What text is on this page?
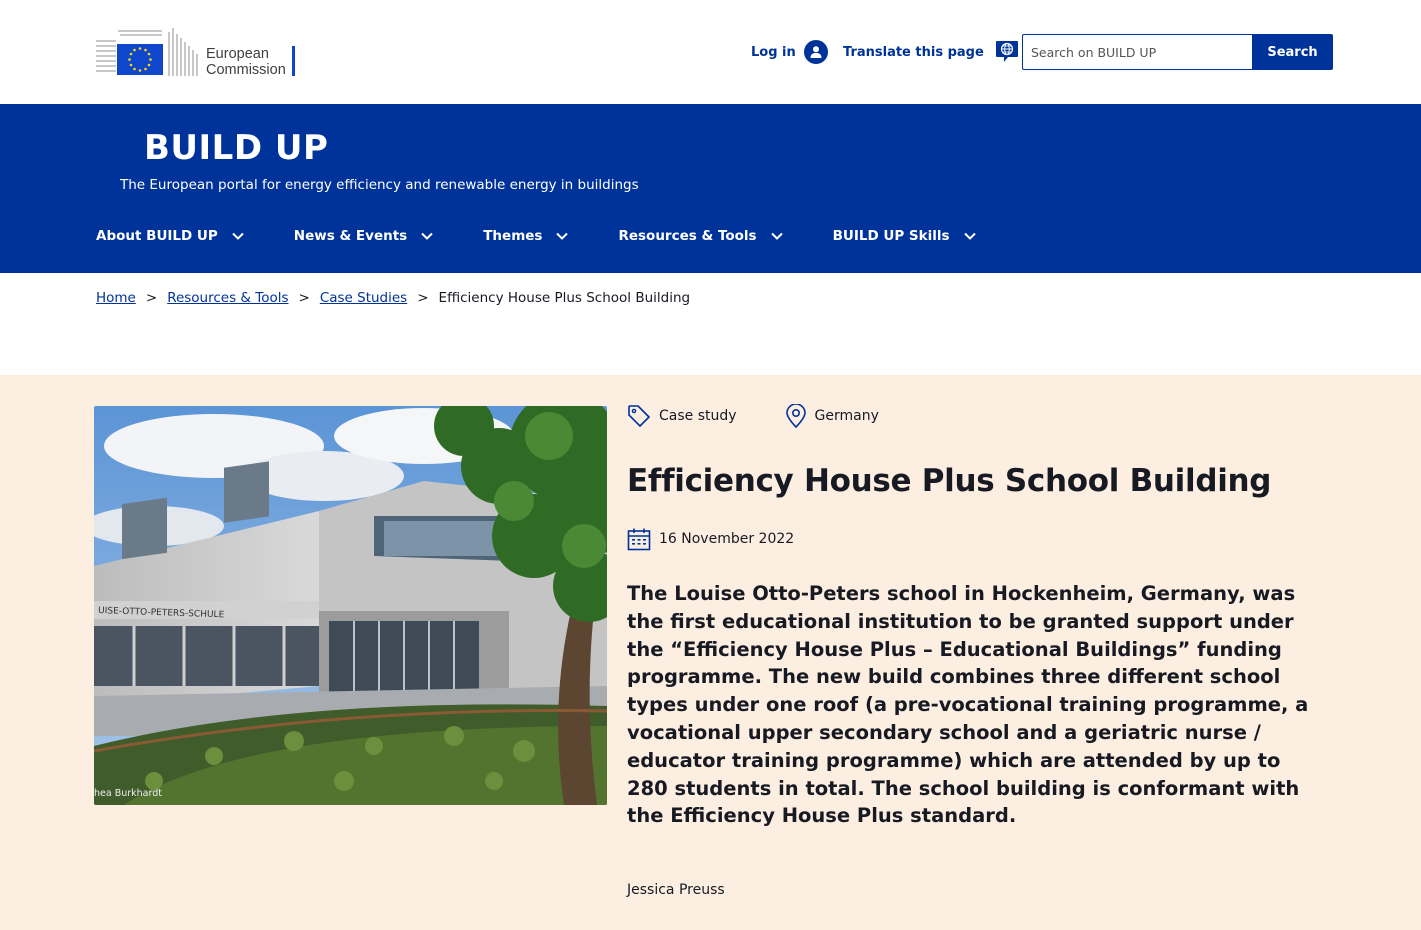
European
Commission
Log in	Translate this page
Search on BUILD UP	Search
BUILD UP
The European portal for energy efficiency and renewable energy in buildings
About BUILD UP	News & Events	Themes	Resources & Tools	BUILD UP Skills
Home > Resources & Tools > Case Studies > Efficiency House Plus School Building
UISE-OTTO-PETERS-SCHULE
hea Burkhardt
Case study	Germany
Efficiency House Plus School Building
16 November 2022

The Louise Otto-Peters school in Hockenheim, Germany, was the first educational institution to be granted support under the “Efficiency House Plus – Educational Buildings” funding programme. The new build combines three different school types under one roof (a pre-vocational training programme, a vocational upper secondary school and a geriatric nurse / educator training programme) which are attended by up to 280 students in total. The school building is conformant with the Efficiency House Plus standard.

Jessica Preuss
